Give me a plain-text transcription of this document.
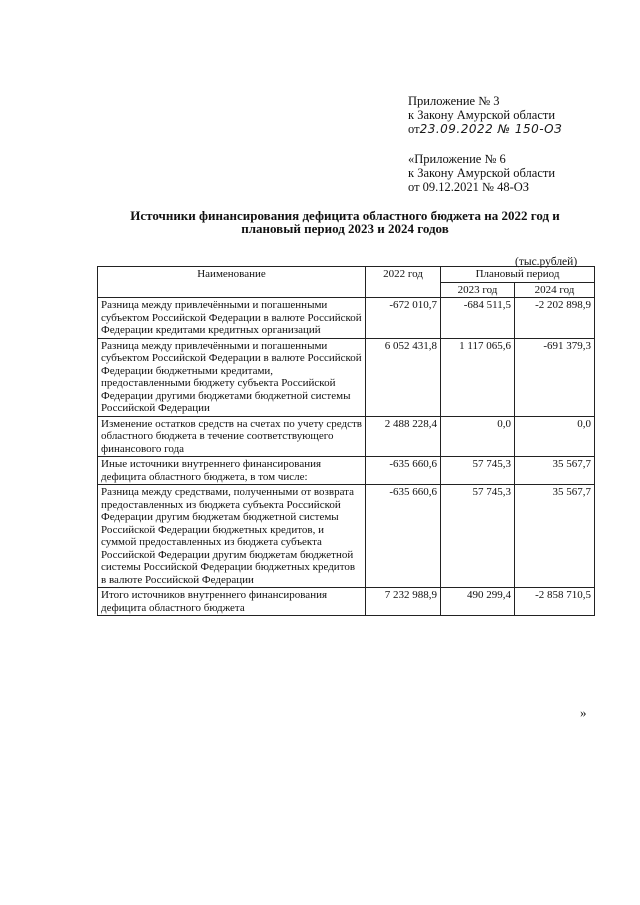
Приложение № 3
к Закону Амурской области
от23.09.2022 № 150-ОЗ
«Приложение № 6
к Закону Амурской области
от 09.12.2021 № 48-ОЗ
Источники финансирования дефицита областного бюджета на 2022 год и
плановый период 2023 и 2024 годов
(тыс.рублей)
Наименование	2022 год	Плановый период	
		2023 год	2024 год
Разница между привлечёнными и погашенными субъектом Российской Федерации в валюте Российской Федерации кредитами кредитных организаций	-672 010,7	-684 511,5	-2 202 898,9
Разница между привлечёнными и погашенными субъектом Российской Федерации в валюте Российской Федерации бюджетными кредитами, предоставленными бюджету субъекта Российской Федерации другими бюджетами бюджетной системы Российской Федерации	6 052 431,8	1 117 065,6	-691 379,3
Изменение остатков средств на счетах по учету средств областного бюджета в течение соответствующего финансового года	2 488 228,4	0,0	0,0
Иные источники внутреннего финансирования дефицита областного бюджета, в том числе:	-635 660,6	57 745,3	35 567,7
Разница между средствами, полученными от возврата предоставленных из бюджета субъекта Российской Федерации другим бюджетам бюджетной системы Российской Федерации бюджетных кредитов, и суммой предоставленных из бюджета субъекта Российской Федерации другим бюджетам бюджетной системы Российской Федерации бюджетных кредитов в валюте Российской Федерации	-635 660,6	57 745,3	35 567,7
Итого источников внутреннего финансирования дефицита областного бюджета	7 232 988,9	490 299,4	-2 858 710,5
»
